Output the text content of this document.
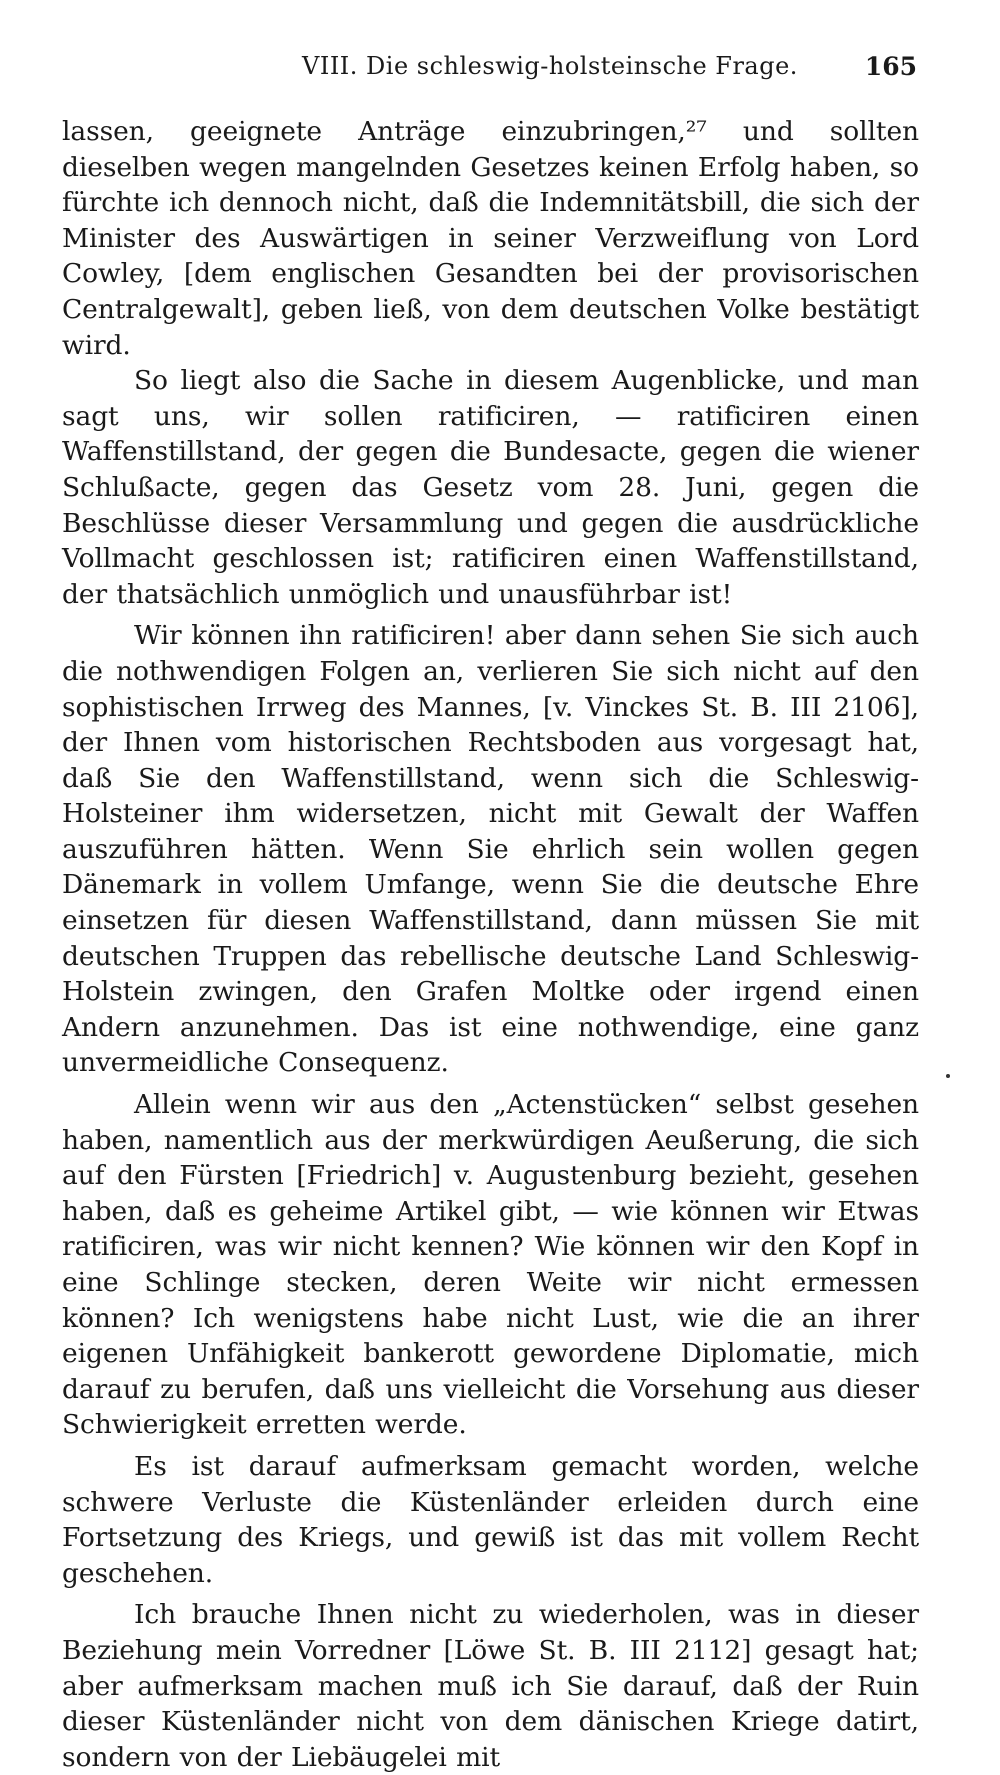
VIII. Die schleswig-holsteinsche Frage.	165

lassen, geeignete Anträge einzubringen,²⁷ und sollten dieselben wegen mangelnden Gesetzes keinen Erfolg haben, so fürchte ich dennoch nicht, daß die Indemnitätsbill, die sich der Minister des Auswärtigen in seiner Verzweiflung von Lord Cowley, [dem englischen Gesandten bei der provisorischen Centralgewalt], geben ließ, von dem deutschen Volke bestätigt wird.

So liegt also die Sache in diesem Augenblicke, und man sagt uns, wir sollen ratificiren, — ratificiren einen Waffenstillstand, der gegen die Bundesacte, gegen die wiener Schlußacte, gegen das Gesetz vom 28. Juni, gegen die Beschlüsse dieser Versammlung und gegen die ausdrückliche Vollmacht geschlossen ist; ratificiren einen Waffenstillstand, der thatsächlich unmöglich und unausführbar ist!

Wir können ihn ratificiren! aber dann sehen Sie sich auch die nothwendigen Folgen an, verlieren Sie sich nicht auf den sophistischen Irrweg des Mannes, [v. Vinckes St. B. III 2106], der Ihnen vom historischen Rechtsboden aus vorgesagt hat, daß Sie den Waffenstillstand, wenn sich die Schleswig-Holsteiner ihm widersetzen, nicht mit Gewalt der Waffen auszuführen hätten. Wenn Sie ehrlich sein wollen gegen Dänemark in vollem Umfange, wenn Sie die deutsche Ehre einsetzen für diesen Waffenstillstand, dann müssen Sie mit deutschen Truppen das rebellische deutsche Land Schleswig-Holstein zwingen, den Grafen Moltke oder irgend einen Andern anzunehmen. Das ist eine nothwendige, eine ganz unvermeidliche Consequenz.

Allein wenn wir aus den „Actenstücken“ selbst gesehen haben, namentlich aus der merkwürdigen Aeußerung, die sich auf den Fürsten [Friedrich] v. Augustenburg bezieht, gesehen haben, daß es geheime Artikel gibt, — wie können wir Etwas ratificiren, was wir nicht kennen? Wie können wir den Kopf in eine Schlinge stecken, deren Weite wir nicht ermessen können? Ich wenigstens habe nicht Lust, wie die an ihrer eigenen Unfähigkeit bankerott gewordene Diplomatie, mich darauf zu berufen, daß uns vielleicht die Vorsehung aus dieser Schwierigkeit erretten werde.

Es ist darauf aufmerksam gemacht worden, welche schwere Verluste die Küstenländer erleiden durch eine Fortsetzung des Kriegs, und gewiß ist das mit vollem Recht geschehen.

Ich brauche Ihnen nicht zu wiederholen, was in dieser Beziehung mein Vorredner [Löwe St. B. III 2112] gesagt hat; aber aufmerksam machen muß ich Sie darauf, daß der Ruin dieser Küstenländer nicht von dem dänischen Kriege datirt, sondern von der Liebäugelei mit
